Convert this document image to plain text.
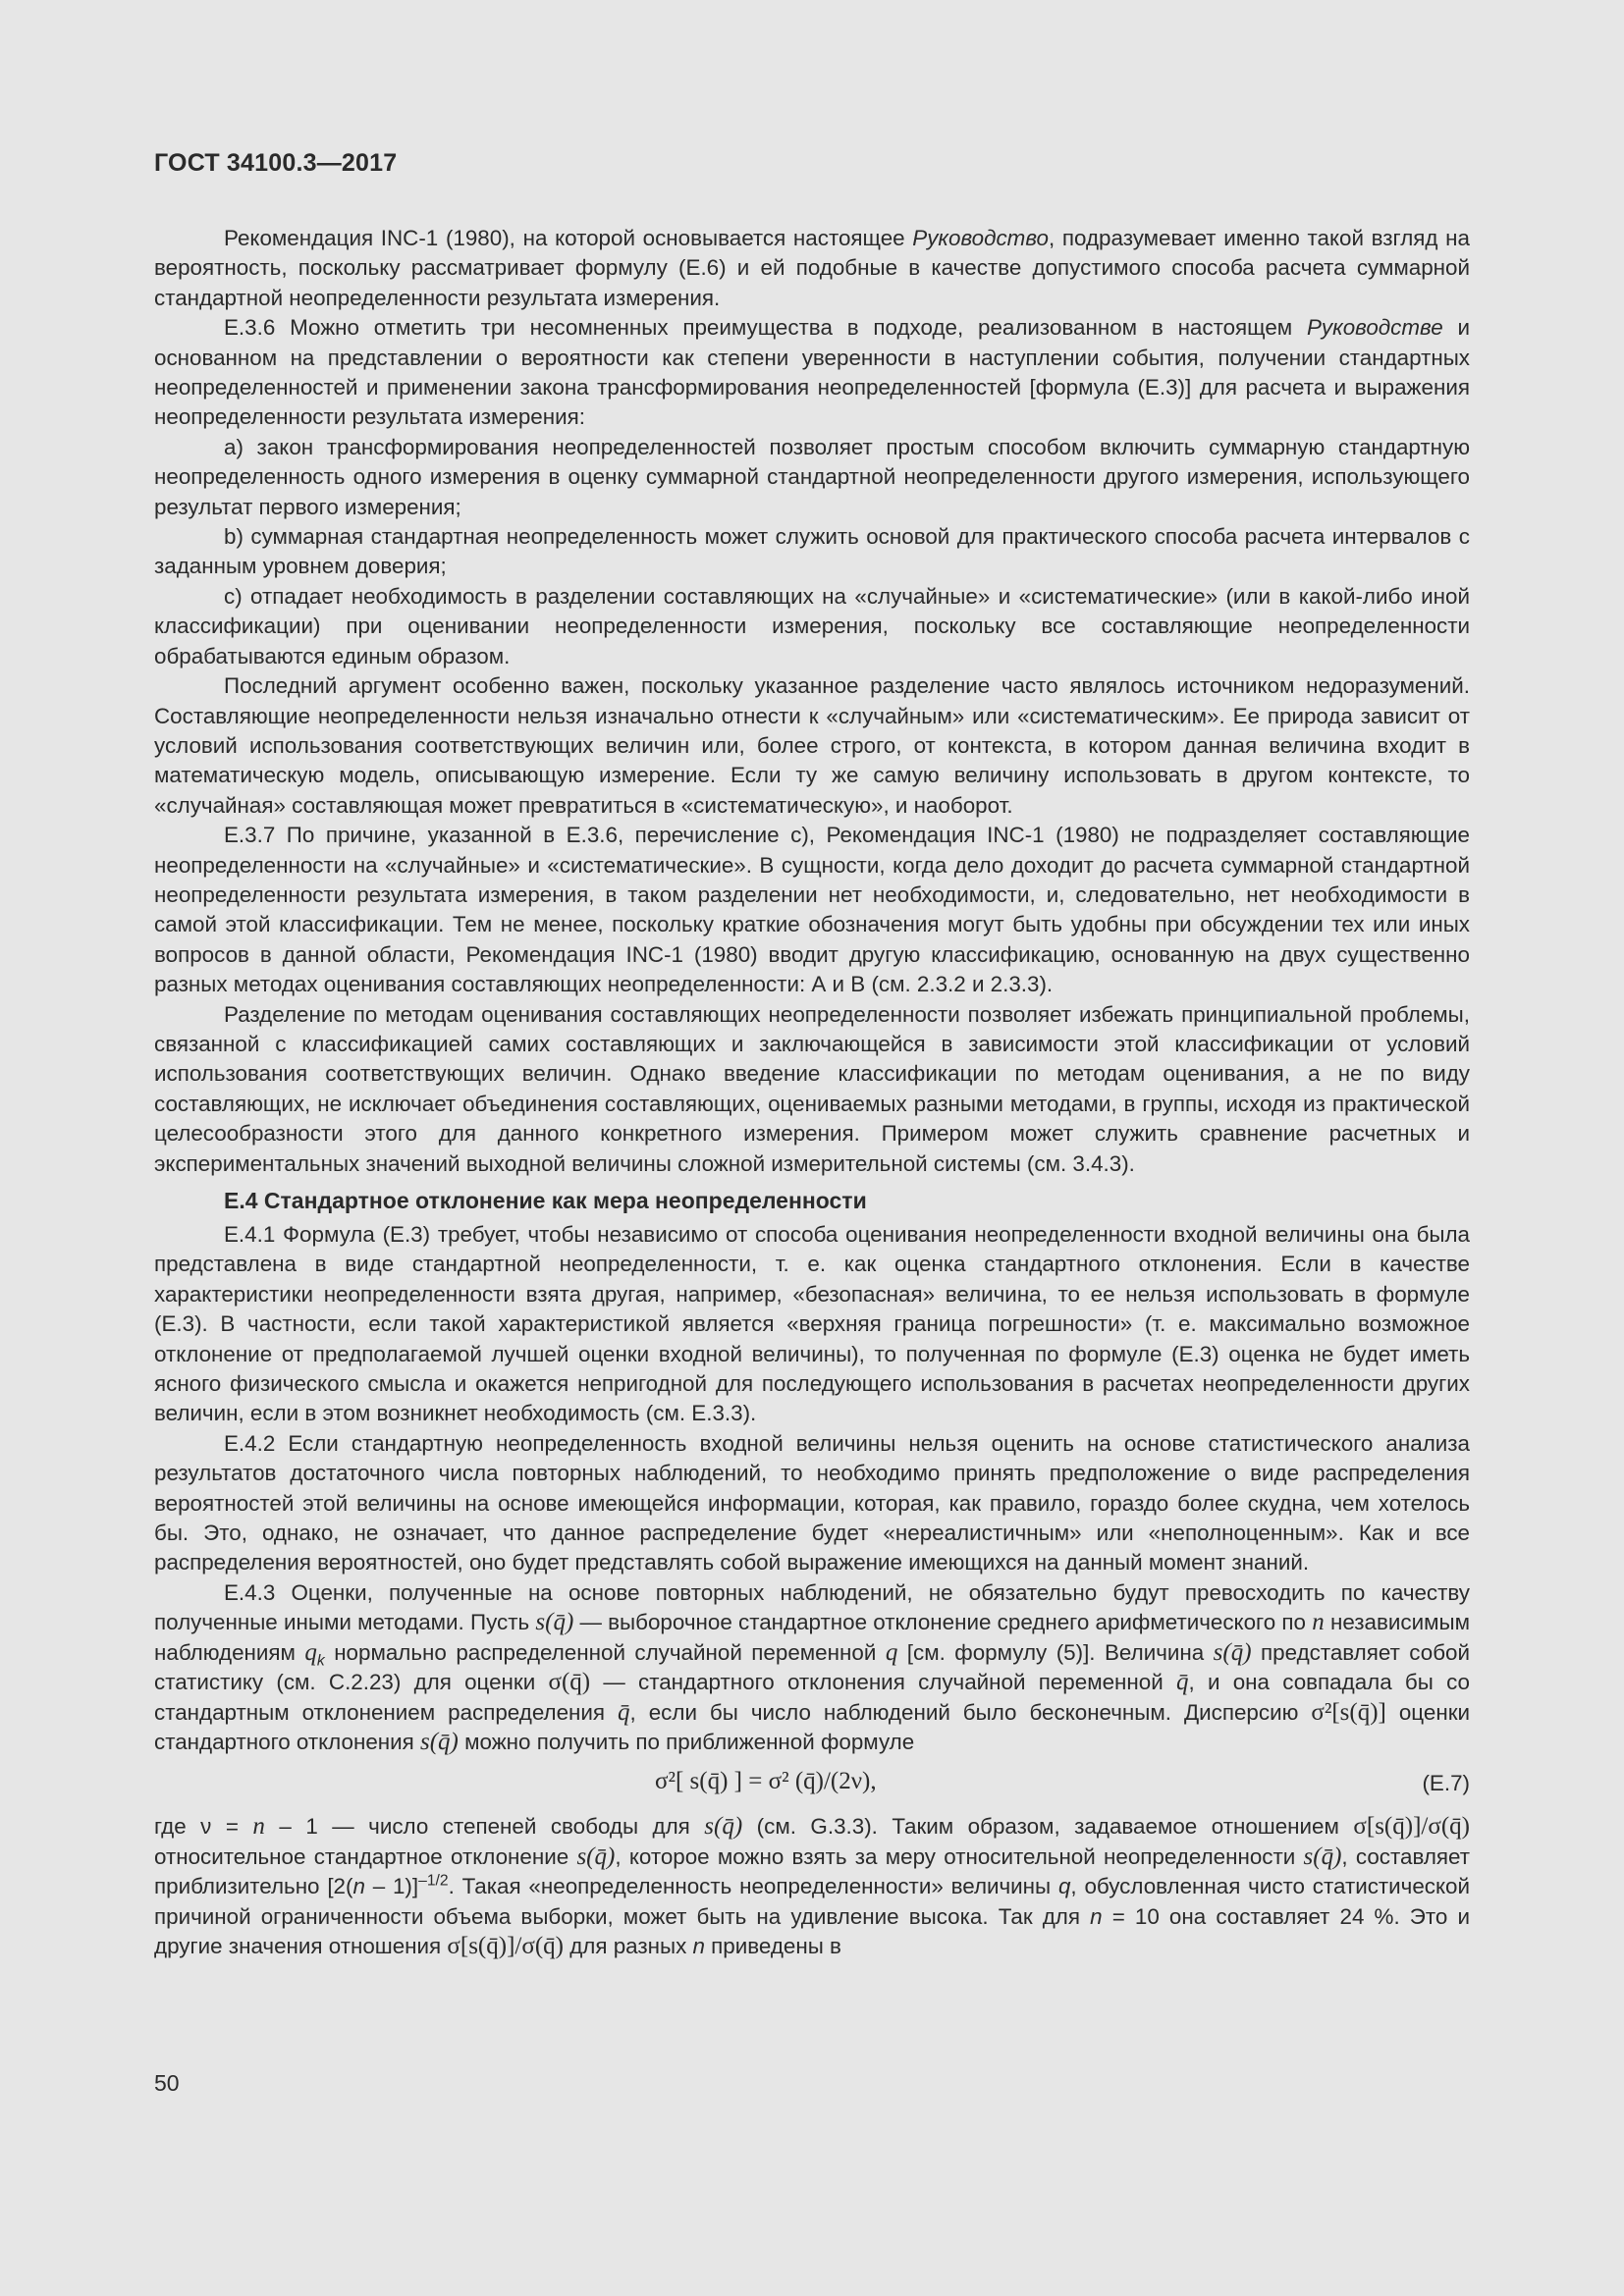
ГОСТ 34100.3—2017

Рекомендация INC-1 (1980), на которой основывается настоящее Руководство, подразумевает именно такой взгляд на вероятность, поскольку рассматривает формулу (Е.6) и ей подобные в качестве допустимого способа расчета суммарной стандартной неопределенности результата измерения.

Е.3.6 Можно отметить три несомненных преимущества в подходе, реализованном в настоящем Руководстве и основанном на представлении о вероятности как степени уверенности в наступлении события, получении стандартных неопределенностей и применении закона трансформирования неопределенностей [формула (Е.3)] для расчета и выражения неопределенности результата измерения:

a) закон трансформирования неопределенностей позволяет простым способом включить суммарную стандартную неопределенность одного измерения в оценку суммарной стандартной неопределенности другого измерения, использующего результат первого измерения;

b) суммарная стандартная неопределенность может служить основой для практического способа расчета интервалов с заданным уровнем доверия;

c) отпадает необходимость в разделении составляющих на «случайные» и «систематические» (или в какой-либо иной классификации) при оценивании неопределенности измерения, поскольку все составляющие неопределенности обрабатываются единым образом.

Последний аргумент особенно важен, поскольку указанное разделение часто являлось источником недоразумений. Составляющие неопределенности нельзя изначально отнести к «случайным» или «систематическим». Ее природа зависит от условий использования соответствующих величин или, более строго, от контекста, в котором данная величина входит в математическую модель, описывающую измерение. Если ту же самую величину использовать в другом контексте, то «случайная» составляющая может превратиться в «систематическую», и наоборот.

Е.3.7 По причине, указанной в Е.3.6, перечисление c), Рекомендация INC-1 (1980) не подразделяет составляющие неопределенности на «случайные» и «систематические». В сущности, когда дело доходит до расчета суммарной стандартной неопределенности результата измерения, в таком разделении нет необходимости, и, следовательно, нет необходимости в самой этой классификации. Тем не менее, поскольку краткие обозначения могут быть удобны при обсуждении тех или иных вопросов в данной области, Рекомендация INC-1 (1980) вводит другую классификацию, основанную на двух существенно разных методах оценивания составляющих неопределенности: А и В (см. 2.3.2 и 2.3.3).

Разделение по методам оценивания составляющих неопределенности позволяет избежать принципиальной проблемы, связанной с классификацией самих составляющих и заключающейся в зависимости этой классификации от условий использования соответствующих величин. Однако введение классификации по методам оценивания, а не по виду составляющих, не исключает объединения составляющих, оцениваемых разными методами, в группы, исходя из практической целесообразности этого для данного конкретного измерения. Примером может служить сравнение расчетных и экспериментальных значений выходной величины сложной измерительной системы (см. 3.4.3).

Е.4 Стандартное отклонение как мера неопределенности

Е.4.1 Формула (Е.3) требует, чтобы независимо от способа оценивания неопределенности входной величины она была представлена в виде стандартной неопределенности, т. е. как оценка стандартного отклонения. Если в качестве характеристики неопределенности взята другая, например, «безопасная» величина, то ее нельзя использовать в формуле (Е.3). В частности, если такой характеристикой является «верхняя граница погрешности» (т. е. максимально возможное отклонение от предполагаемой лучшей оценки входной величины), то полученная по формуле (Е.3) оценка не будет иметь ясного физического смысла и окажется непригодной для последующего использования в расчетах неопределенности других величин, если в этом возникнет необходимость (см. Е.3.3).

Е.4.2 Если стандартную неопределенность входной величины нельзя оценить на основе статистического анализа результатов достаточного числа повторных наблюдений, то необходимо принять предположение о виде распределения вероятностей этой величины на основе имеющейся информации, которая, как правило, гораздо более скудна, чем хотелось бы. Это, однако, не означает, что данное распределение будет «нереалистичным» или «неполноценным». Как и все распределения вероятностей, оно будет представлять собой выражение имеющихся на данный момент знаний.

Е.4.3 Оценки, полученные на основе повторных наблюдений, не обязательно будут превосходить по качеству полученные иными методами. Пусть s(q̄) — выборочное стандартное отклонение среднего арифметического по n независимым наблюдениям $q_k$ нормально распределенной случайной переменной q [см. формулу (5)]. Величина s(q̄) представляет собой статистику (см. С.2.23) для оценки σ(q̄) — стандартного отклонения случайной переменной q̄, и она совпадала бы со стандартным отклонением распределения q̄, если бы число наблюдений было бесконечным. Дисперсию σ²[s(q̄)] оценки стандартного отклонения s(q̄) можно получить по приближенной формуле

σ²[ s(q̄) ] = σ² (q̄)/(2ν),	(Е.7)

где ν = n – 1 — число степеней свободы для s(q̄) (см. G.3.3). Таким образом, задаваемое отношением σ[s(q̄)]/σ(q̄) относительное стандартное отклонение s(q̄), которое можно взять за меру относительной неопределенности s(q̄), составляет приблизительно [2(n – 1)]$^{-1/2}$. Такая «неопределенность неопределенности» величины q, обусловленная чисто статистической причиной ограниченности объема выборки, может быть на удивление высока. Так для n = 10 она составляет 24 %. Это и другие значения отношения σ[s(q̄)]/σ(q̄) для разных n приведены в

50
